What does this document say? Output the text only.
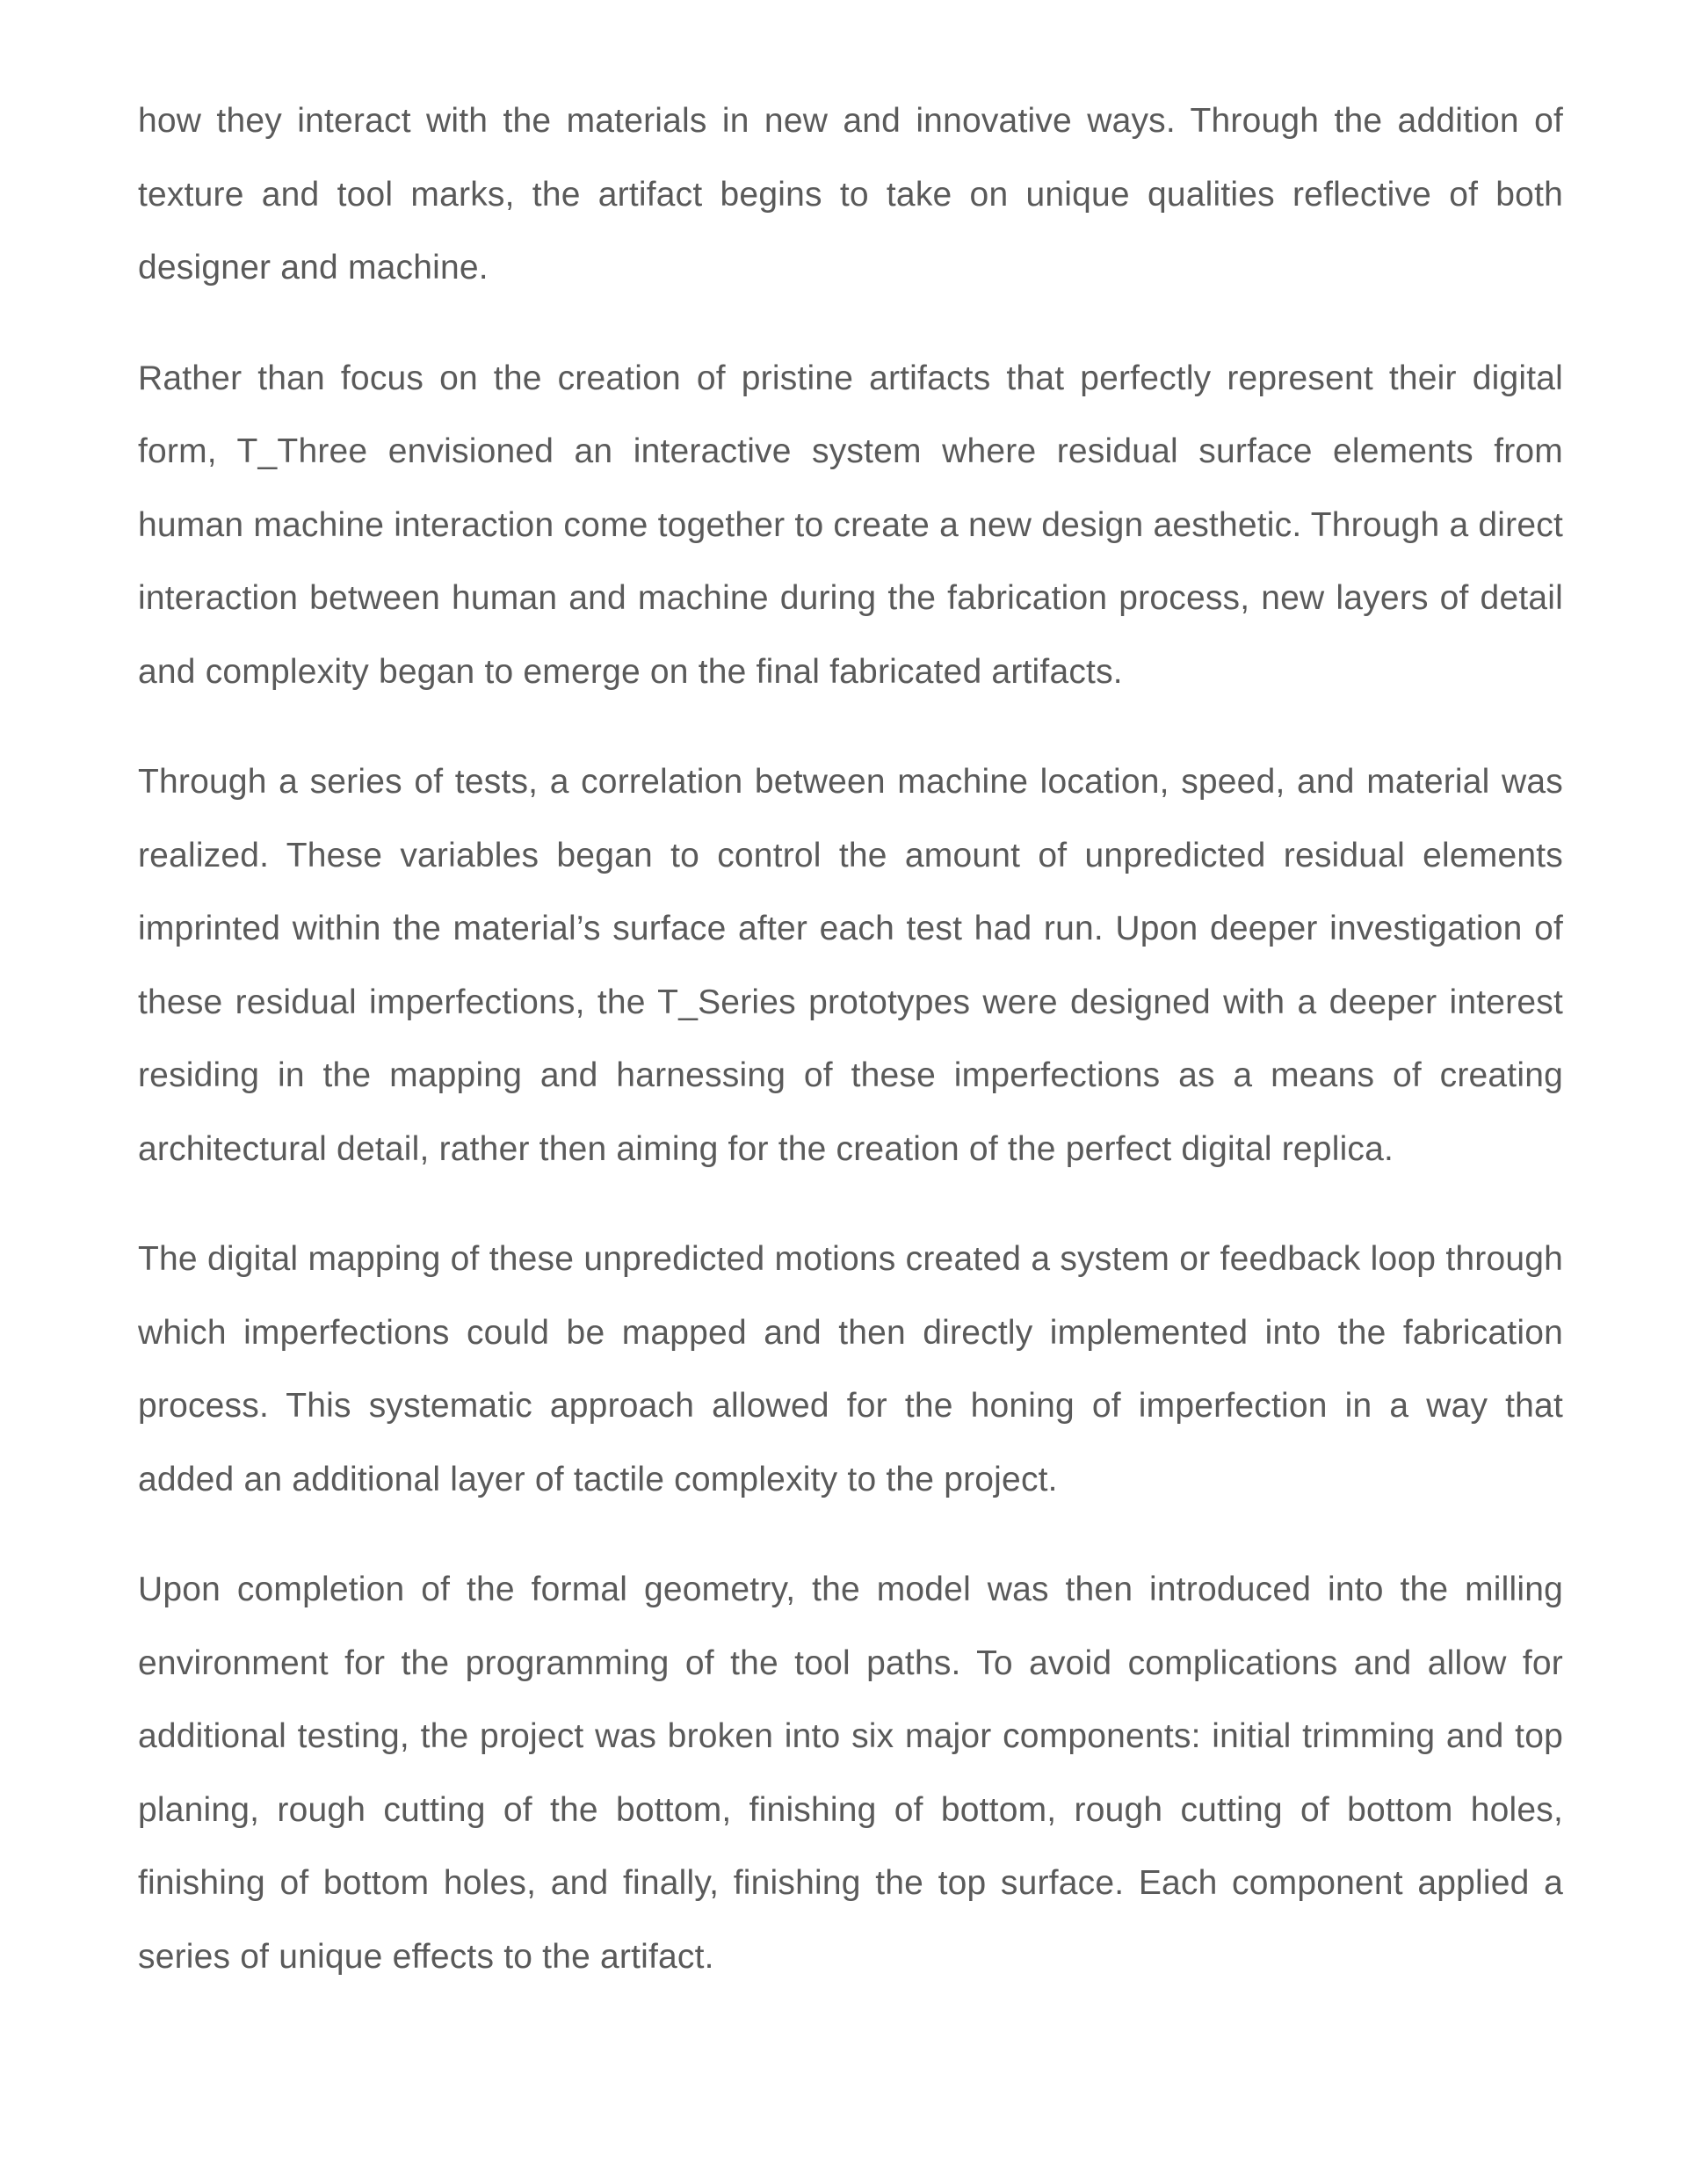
how they interact with the materials in new and innovative ways. Through the addition of texture and tool marks, the artifact begins to take on unique qualities reflective of both designer and machine.

Rather than focus on the creation of pristine artifacts that perfectly represent their digital form, T_Three envisioned an interactive system where residual surface elements from human machine interaction come together to create a new design aesthetic. Through a direct interaction between human and machine during the fabrication process, new layers of detail and complexity began to emerge on the final fabricated artifacts.

Through a series of tests, a correlation between machine location, speed, and material was realized. These variables began to control the amount of unpredicted residual elements imprinted within the material’s surface after each test had run. Upon deeper investigation of these residual imperfections, the T_Series prototypes were designed with a deeper interest residing in the mapping and harnessing of these imperfections as a means of creating architectural detail, rather then aiming for the creation of the perfect digital replica.

The digital mapping of these unpredicted motions created a system or feedback loop through which imperfections could be mapped and then directly implemented into the fabrication process. This systematic approach allowed for the honing of imperfection in a way that added an additional layer of tactile complexity to the project.

Upon completion of the formal geometry, the model was then introduced into the milling environment for the programming of the tool paths. To avoid complications and allow for additional testing, the project was broken into six major components: initial trimming and top planing, rough cutting of the bottom, finishing of bottom, rough cutting of bottom holes, finishing of bottom holes, and finally, finishing the top surface. Each component applied a series of unique effects to the artifact.
